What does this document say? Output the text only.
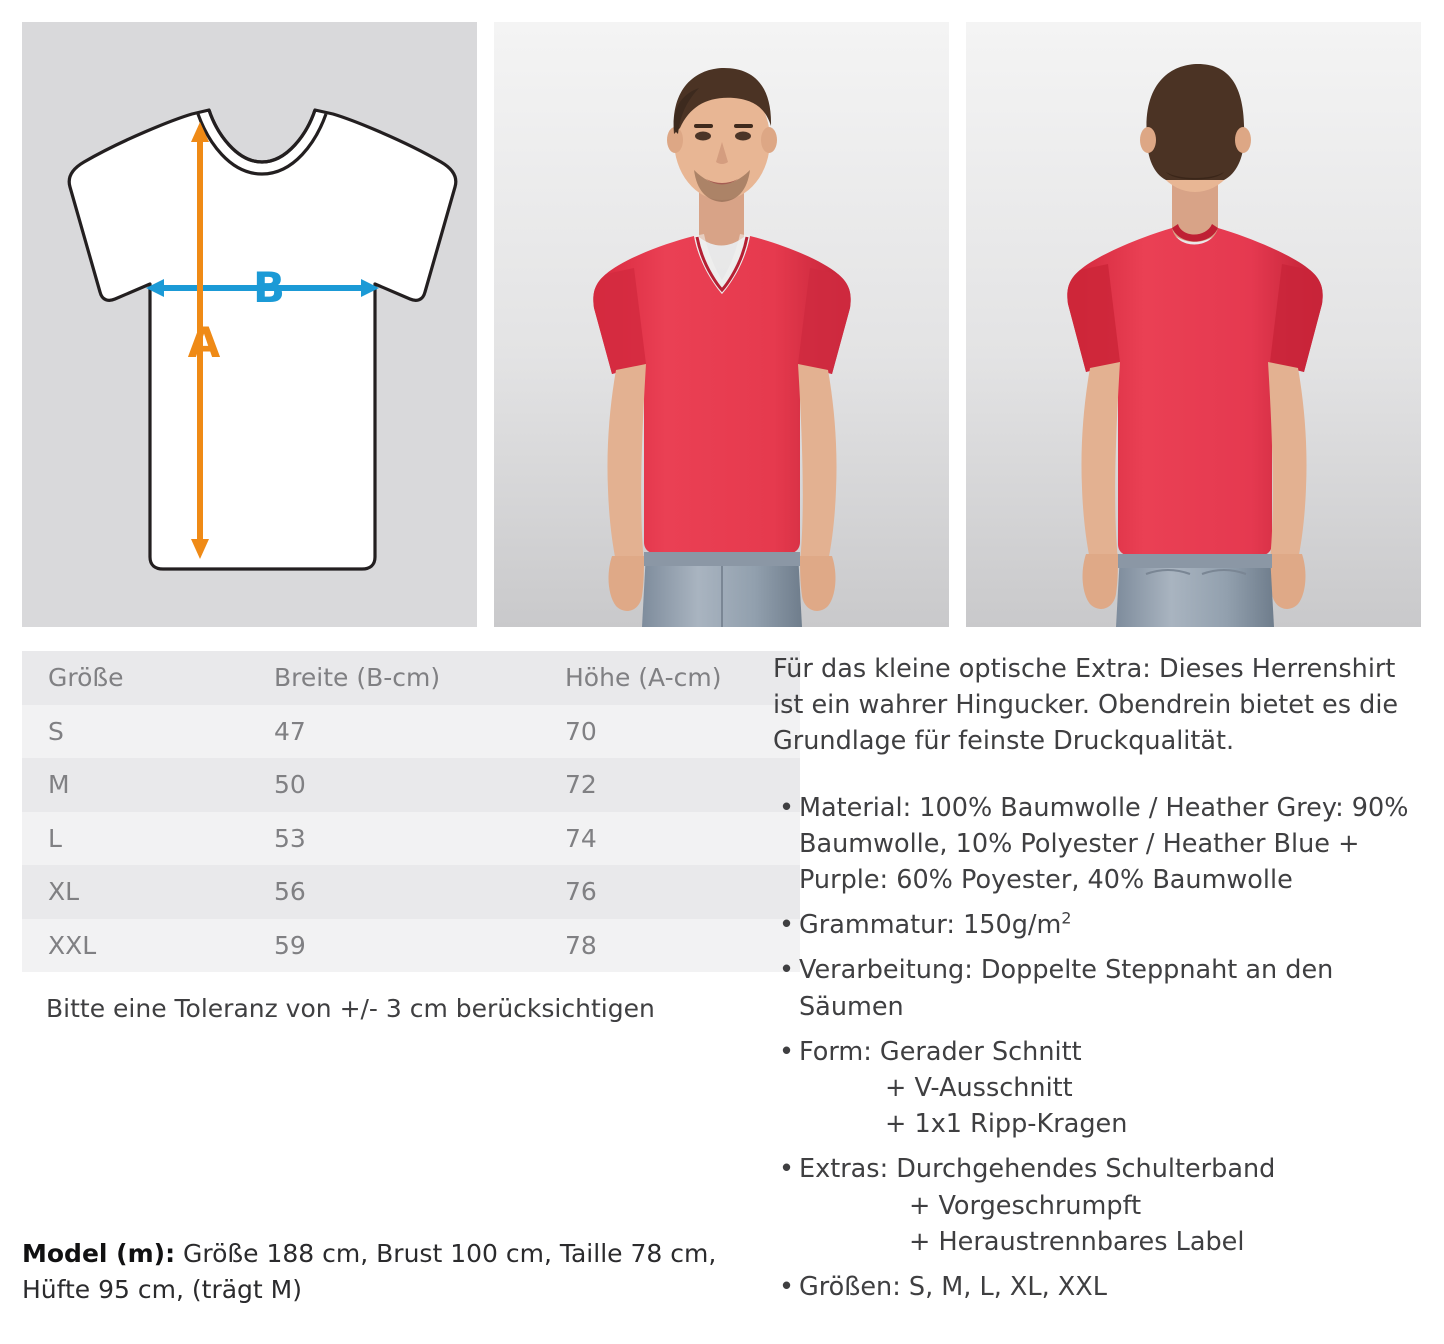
B
A
Größe	Breite (B-cm)	Höhe (A-cm)
S	47	70
M	50	72
L	53	74
XL	56	76
XXL	59	78
Bitte eine Toleranz von +/- 3 cm berücksichtigen

Für das kleine optische Extra: Dieses Herrenshirt ist ein wahrer Hingucker. Obendrein bietet es die Grundlage für feinste Druckqualität.

• Material: 100% Baumwolle / Heather Grey: 90% Baumwolle, 10% Polyester / Heather Blue + Purple: 60% Poyester, 40% Baumwolle
• Grammatur: $150g/m^2$
• Verarbeitung: Doppelte Steppnaht an den Säumen
• Form: Gerader Schnitt
+ V-Ausschnitt
+ 1x1 Ripp-Kragen
• Extras: Durchgehendes Schulterband
+ Vorgeschrumpft
+ Heraustrennbares Label
• Größen: S, M, L, XL, XXL
Model (m): Größe 188 cm, Brust 100 cm, Taille 78 cm, Hüfte 95 cm, (trägt M)
